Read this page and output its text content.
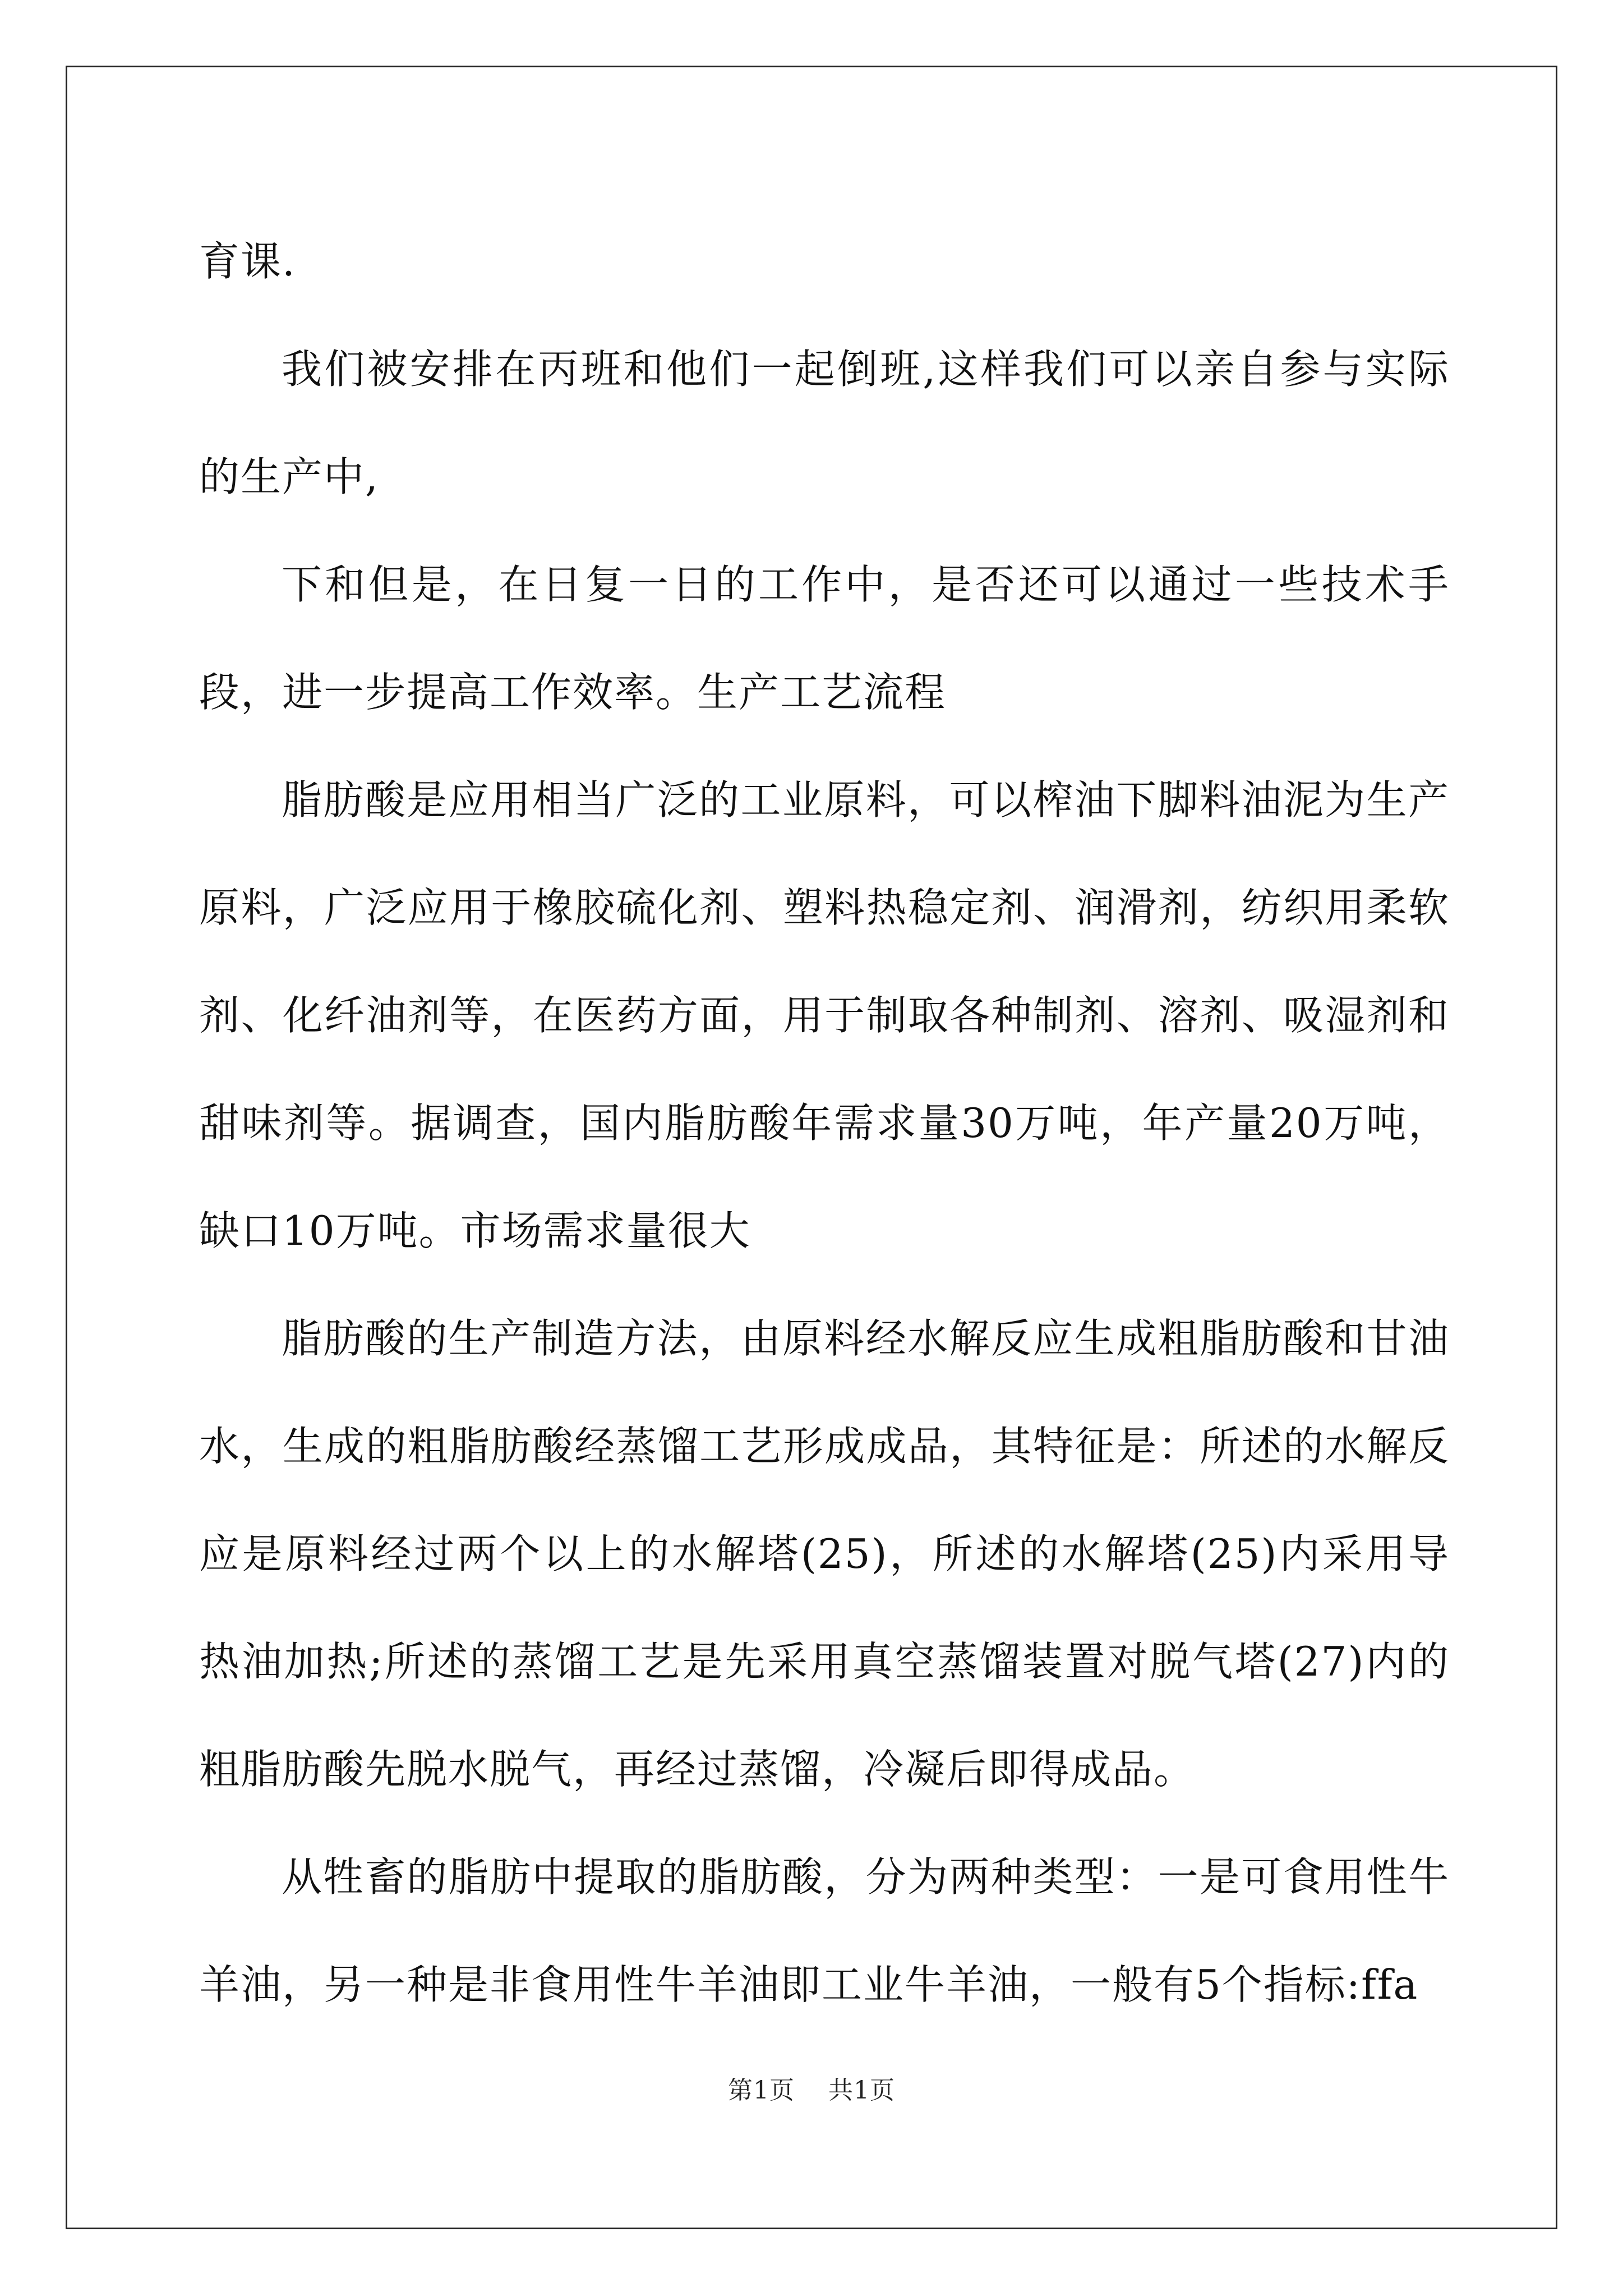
育课.

我们被安排在丙班和他们一起倒班,这样我们可以亲自参与实际的生产中,

下和但是，在日复一日的工作中，是否还可以通过一些技术手段，进一步提高工作效率。生产工艺流程

脂肪酸是应用相当广泛的工业原料，可以榨油下脚料油泥为生产原料，广泛应用于橡胶硫化剂、塑料热稳定剂、润滑剂，纺织用柔软剂、化纤油剂等，在医药方面，用于制取各种制剂、溶剂、吸湿剂和甜味剂等。据调查，国内脂肪酸年需求量30万吨，年产量20万吨，缺口10万吨。市场需求量很大

脂肪酸的生产制造方法，由原料经水解反应生成粗脂肪酸和甘油水，生成的粗脂肪酸经蒸馏工艺形成成品，其特征是：所述的水解反应是原料经过两个以上的水解塔(25)，所述的水解塔(25)内采用导热油加热;所述的蒸馏工艺是先采用真空蒸馏装置对脱气塔(27)内的粗脂肪酸先脱水脱气，再经过蒸馏，冷凝后即得成品。

从牲畜的脂肪中提取的脂肪酸，分为两种类型：一是可食用性牛羊油，另一种是非食用性牛羊油即工业牛羊油，一般有5个指标:ffa

第1页 共1页
